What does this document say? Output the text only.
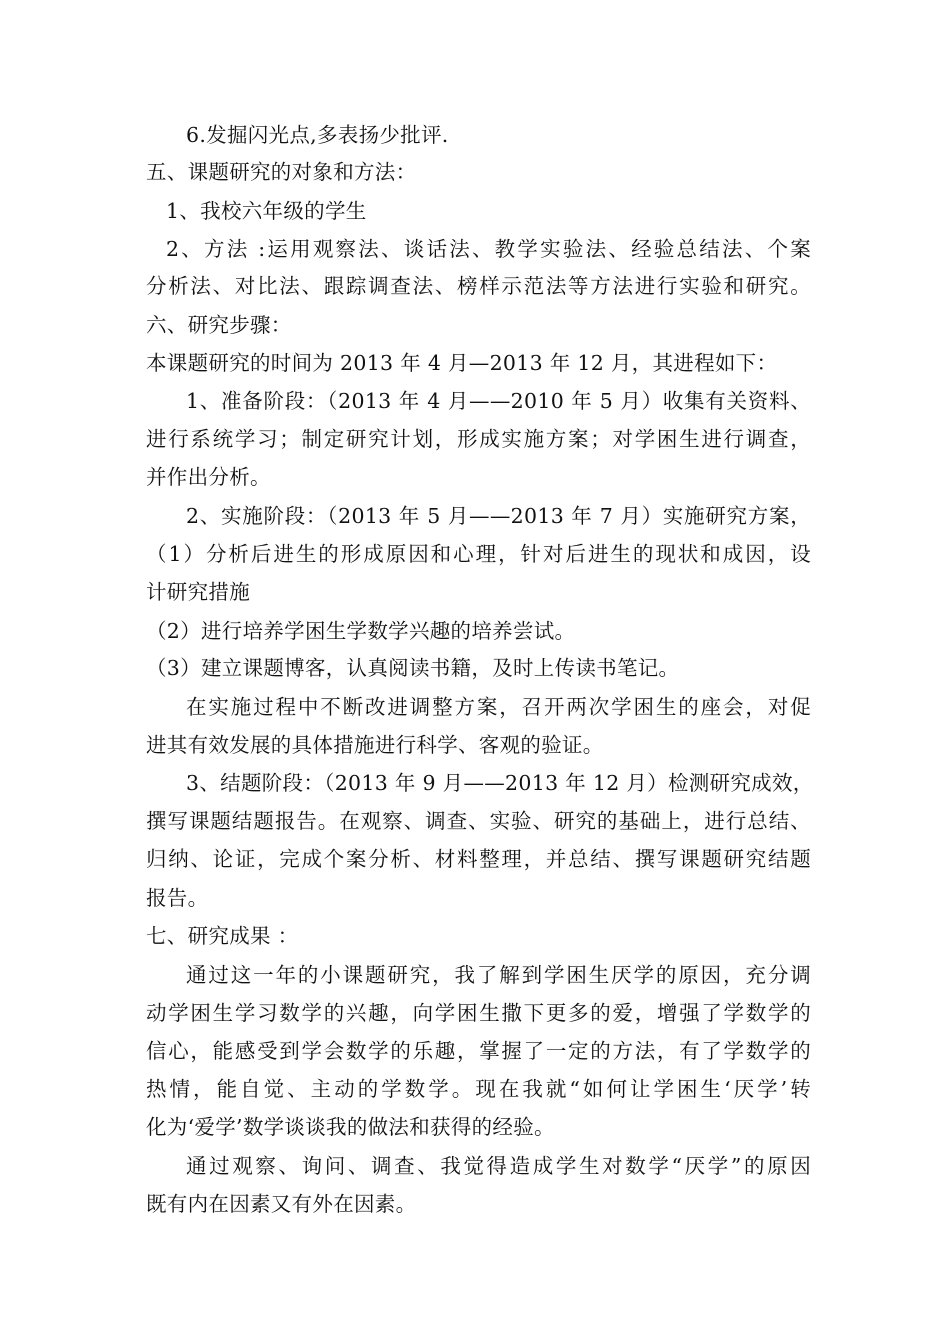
6.发掘闪光点,多表扬少批评.
五、课题研究的对象和方法：
1、我校六年级的学生
2、方法 :运用观察法、谈话法、教学实验法、经验总结法、个案
分析法、对比法、跟踪调查法、榜样示范法等方法进行实验和研究。
六、研究步骤：
本课题研究的时间为 2013 年 4 月—2013 年 12 月，其进程如下：
1、准备阶段：（2013 年 4 月——2010 年 5 月）收集有关资料、
进行系统学习；制定研究计划，形成实施方案；对学困生进行调查，
并作出分析。
2、实施阶段：（2013 年 5 月——2013 年 7 月）实施研究方案，
（1）分析后进生的形成原因和心理，针对后进生的现状和成因，设
计研究措施
（2）进行培养学困生学数学兴趣的培养尝试。
（3）建立课题博客，认真阅读书籍，及时上传读书笔记。
在实施过程中不断改进调整方案，召开两次学困生的座会，对促
进其有效发展的具体措施进行科学、客观的验证。
3、结题阶段：（2013 年 9 月——2013 年 12 月）检测研究成效，
撰写课题结题报告。在观察、调查、实验、研究的基础上，进行总结、
归纳、论证，完成个案分析、材料整理，并总结、撰写课题研究结题
报告。
七、研究成果 ：
通过这一年的小课题研究，我了解到学困生厌学的原因，充分调
动学困生学习数学的兴趣，向学困生撒下更多的爱，增强了学数学的
信心，能感受到学会数学的乐趣，掌握了一定的方法，有了学数学的
热情，能自觉、主动的学数学。现在我就“如何让学困生‘厌学’转
化为‘爱学’数学谈谈我的做法和获得的经验。
通过观察、询问、调查、我觉得造成学生对数学“厌学”的原因
既有内在因素又有外在因素。
